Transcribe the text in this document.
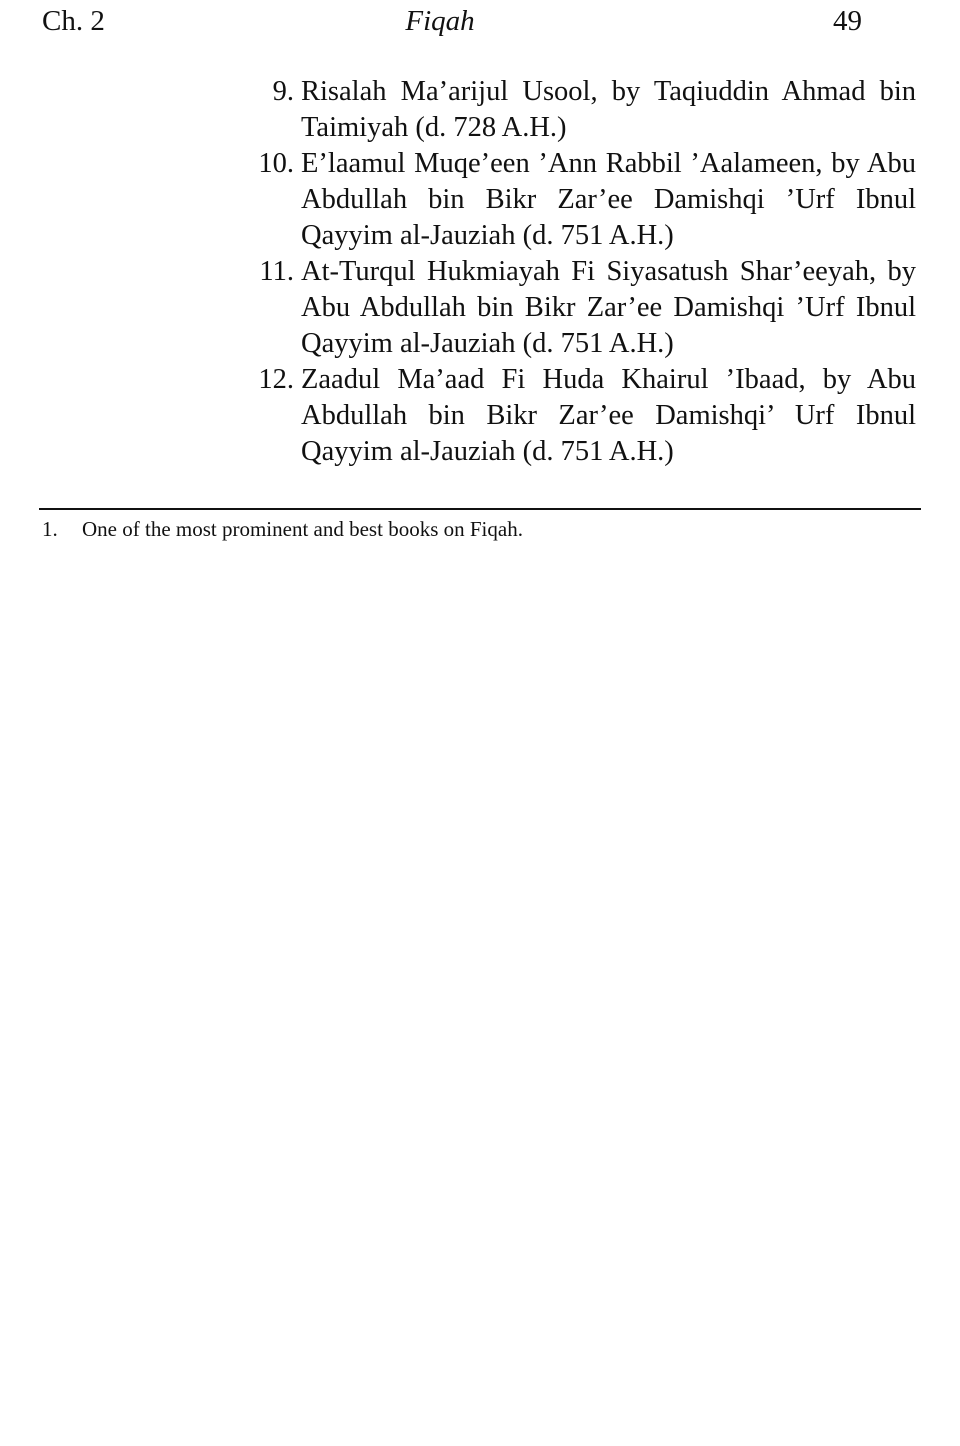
Ch. 2	Fiqah	49
9. Risalah Ma’arijul Usool, by Taqiuddin Ahmad bin Taimiyah (d. 728 A.H.)
10. E’laamul Muqe’een ’Ann Rabbil ’Aalameen, by Abu Abdullah bin Bikr Zar’ee Damishqi ’Urf Ibnul Qayyim al-Jauziah (d. 751 A.H.)
11. At-Turqul Hukmiayah Fi Siyasatush Shar’eeyah, by Abu Abdullah bin Bikr Zar’ee Damishqi ’Urf Ibnul Qayyim al-Jauziah (d. 751 A.H.)
12. Zaadul Ma’aad Fi Huda Khairul ’Ibaad, by Abu Abdullah bin Bikr Zar’ee Damishqi’ Urf Ibnul Qayyim al-Jauziah (d. 751 A.H.)
1. One of the most prominent and best books on Fiqah.
